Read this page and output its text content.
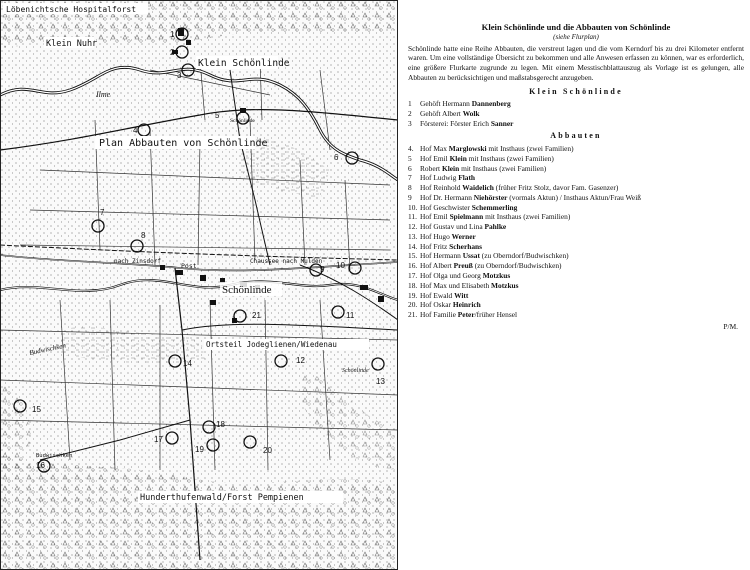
1
2
3
4
5
6
7
8
9 10
11
12
13
14
15
16
17
18
19	20
21
Löbenichtsche Hospitalforst
Klein Nuhr
Klein Schönlinde
Plan Abbauten von Schönlinde
Ilme
Schönlinde
nach Zinsdorf
Post
Chaussee nach Mulden
Schönlinde
Ortsteil Jodeglienen/Wiedenau
Budwischken
Budwischken
Schönlinde
Hunderthufenwald/Forst Pempienen

Klein Schönlinde und die Abbauten von Schönlinde

(siehe Flurplan)

Schönlinde hatte eine Reihe Abbauten, die verstreut lagen und die vom Kerndorf bis zu drei Kilometer entfernt waren. Um eine vollständige Übersicht zu bekommen und alle Anwesen erfassen zu können, war es erforderlich, eine größere Flurkarte zugrunde zu legen. Mit einem Messtischblattauszug als Vorlage ist es gelungen, alle Abbauten zu berücksichtigen und maßstabsgerecht anzugeben.

Klein Schönlinde

1 Gehöft Hermann Dannenberg
2 Gehöft Albert Wolk
3 Försterei: Förster Erich Sanner

Abbauten

4. Hof Max Marglowski mit Insthaus (zwei Familien)
5 Hof Emil Klein mit Insthaus (zwei Familien)
6 Robert Klein mit Insthaus (zwei Familien)
7 Hof Ludwig Flath
8 Hof Reinhold Waidelich (früher Fritz Stolz, davor Fam. Gasenzer)
9 Hof Dr. Hermann Niehörster (vormals Aktun) / Insthaus Aktun/Frau Weiß
10. Hof Geschwister Schemmerling
11. Hof Emil Spielmann mit Insthaus (zwei Familien)
12. Hof Gustav und Lina Pahlke
13. Hof Hugo Werner
14. Hof Fritz Scherhans
15. Hof Hermann Ussat (zu Oberndorf/Budwischken)
16. Hof Albert Preuß (zu Oberndorf/Budwischken)
17. Hof Olga und Georg Motzkus
18. Hof Max und Elisabeth Motzkus
19. Hof Ewald Witt
20. Hof Oskar Heinrich
21. Hof Familie Peter/früher Hensel
P/M.
